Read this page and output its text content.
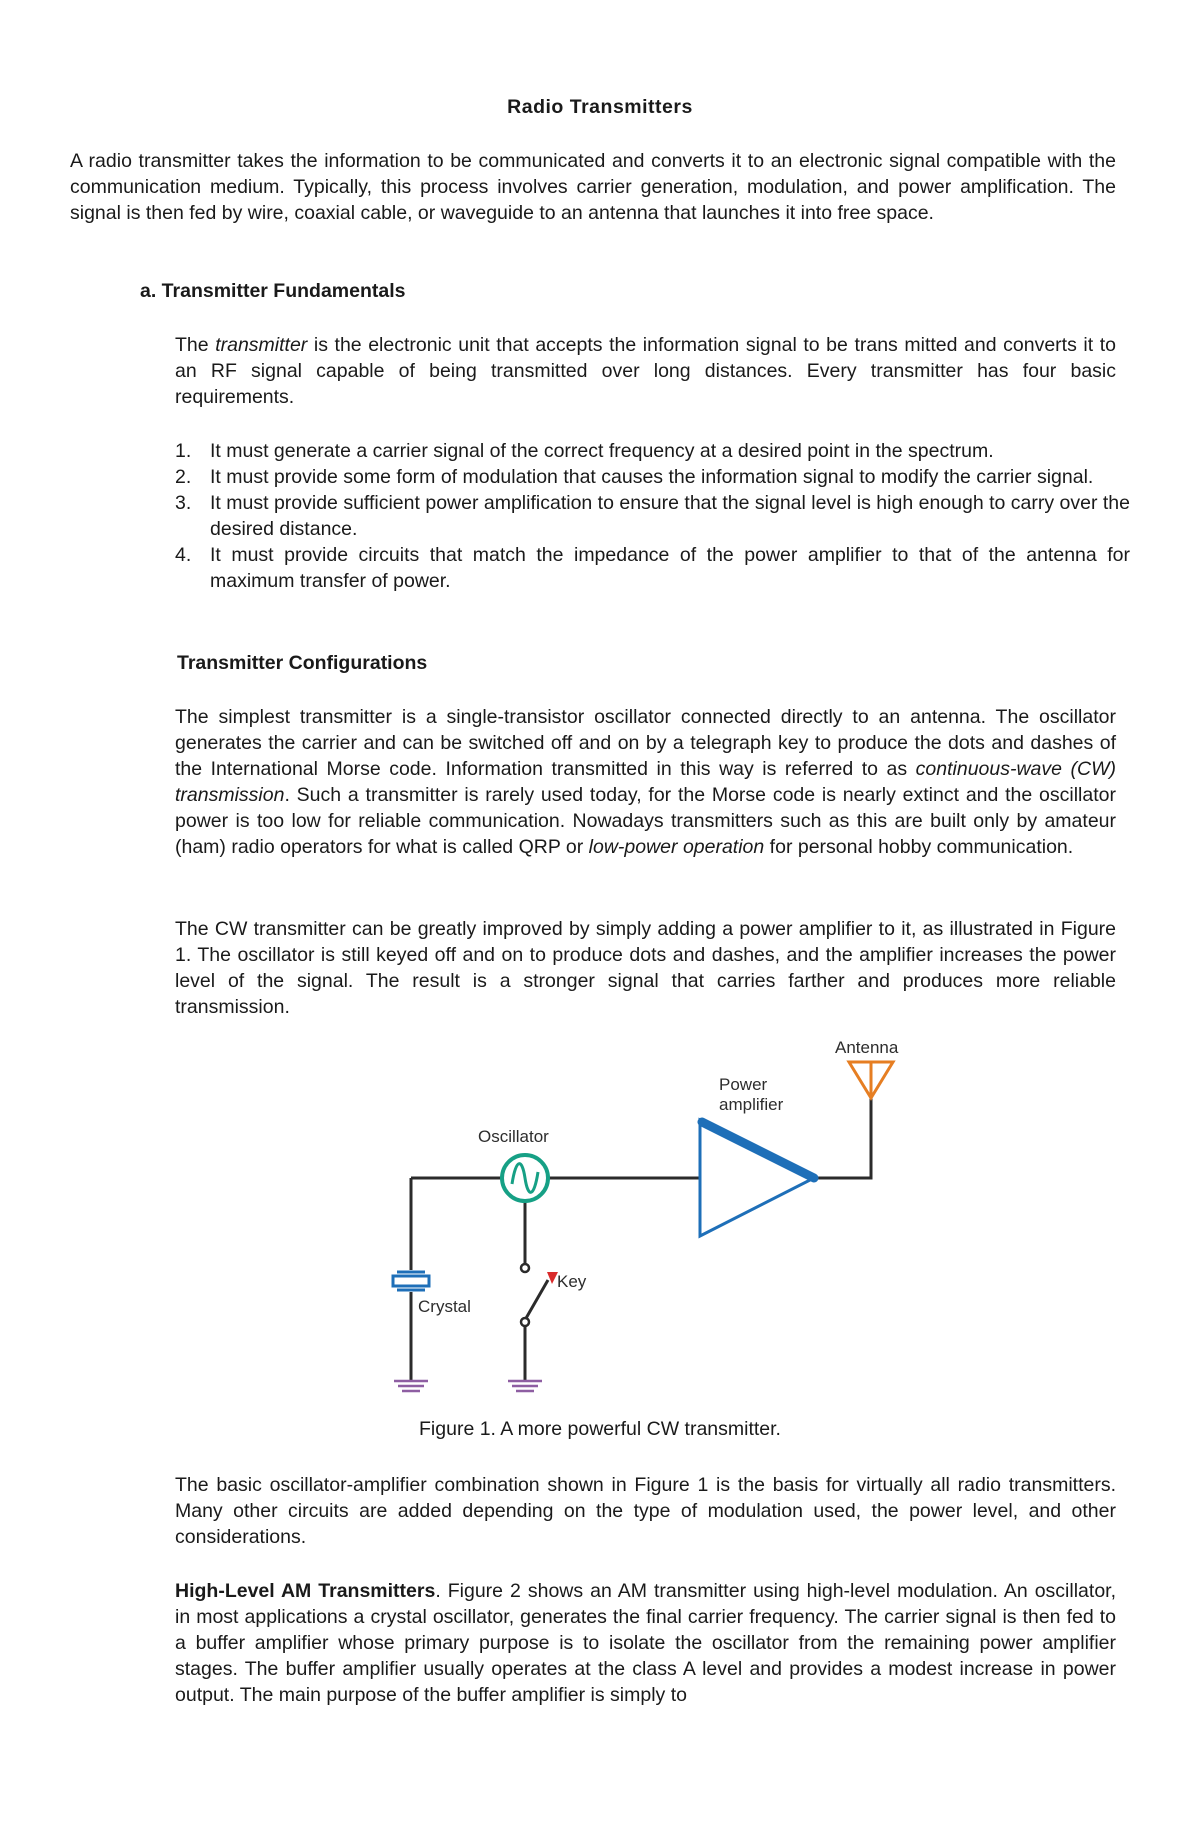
Radio Transmitters

A radio transmitter takes the information to be communicated and converts it to an electronic signal compatible with the communication medium. Typically, this process involves carrier generation, modulation, and power amplification. The signal is then fed by wire, coaxial cable, or waveguide to an antenna that launches it into free space.

a. Transmitter Fundamentals

The transmitter is the electronic unit that accepts the information signal to be trans mitted and converts it to an RF signal capable of being transmitted over long distances. Every transmitter has four basic requirements.

1. It must generate a carrier signal of the correct frequency at a desired point in the spectrum.
2. It must provide some form of modulation that causes the information signal to modify the carrier signal.
3. It must provide sufficient power amplification to ensure that the signal level is high enough to carry over the desired distance.
4. It must provide circuits that match the impedance of the power amplifier to that of the antenna for maximum transfer of power.
Transmitter Configurations

The simplest transmitter is a single-transistor oscillator connected directly to an antenna. The oscillator generates the carrier and can be switched off and on by a telegraph key to produce the dots and dashes of the International Morse code. Information transmitted in this way is referred to as continuous-wave (CW) transmission. Such a transmitter is rarely used today, for the Morse code is nearly extinct and the oscillator power is too low for reliable communication. Nowadays transmitters such as this are built only by amateur (ham) radio operators for what is called QRP or low-power operation for personal hobby communication.

The CW transmitter can be greatly improved by simply adding a power amplifier to it, as illustrated in Figure 1. The oscillator is still keyed off and on to produce dots and dashes, and the amplifier increases the power level of the signal. The result is a stronger signal that carries farther and produces more reliable transmission.

Antenna
Power
amplifier
Oscillator
Key
Crystal
Figure 1. A more powerful CW transmitter.

The basic oscillator-amplifier combination shown in Figure 1 is the basis for virtually all radio transmitters. Many other circuits are added depending on the type of modulation used, the power level, and other considerations.

High-Level AM Transmitters. Figure 2 shows an AM transmitter using high-level modulation. An oscillator, in most applications a crystal oscillator, generates the final carrier frequency. The carrier signal is then fed to a buffer amplifier whose primary purpose is to isolate the oscillator from the remaining power amplifier stages. The buffer amplifier usually operates at the class A level and provides a modest increase in power output. The main purpose of the buffer amplifier is simply to
